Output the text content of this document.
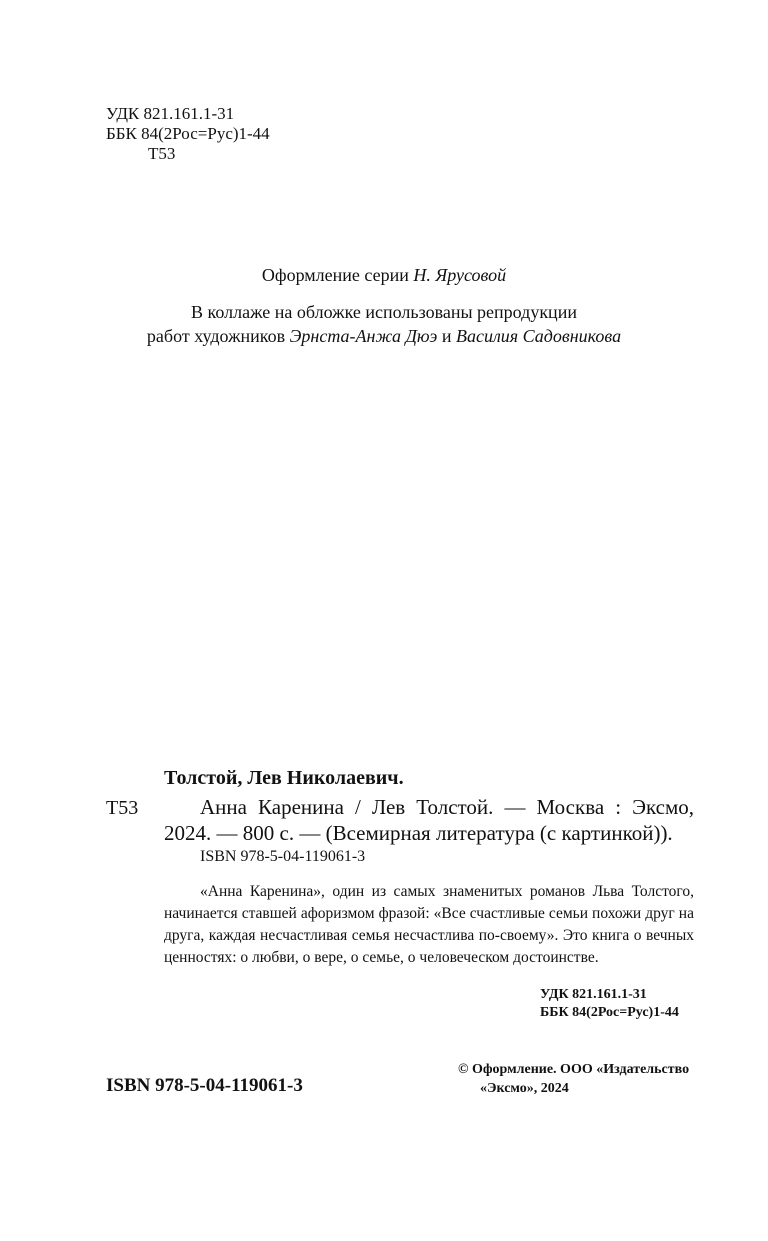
УДК 821.161.1-31
ББК 84(2Рос=Рус)1-44
Т53
Оформление серии Н. Ярусовой
В коллаже на обложке использованы репродукции
работ художников Эрнста-Анжа Дюэ и Василия Садовникова
Толстой, Лев Николаевич.
Т53	Анна Каренина / Лев Толстой. — Москва : Эксмо,
2024. — 800 с. — (Всемирная литература (с картинкой)).
ISBN 978-5-04-119061-3
«Анна Каренина», один из самых знаменитых романов Льва Толстого, начинается ставшей афоризмом фразой: «Все счастливые семьи похожи друг на друга, каждая несчастливая семья несчастлива по-своему». Это книга о вечных ценностях: о любви, о вере, о семье, о человеческом достоинстве.
УДК 821.161.1-31
ББК 84(2Рос=Рус)1-44
© Оформление. ООО «Издательство
«Эксмо», 2024
ISBN 978-5-04-119061-3
